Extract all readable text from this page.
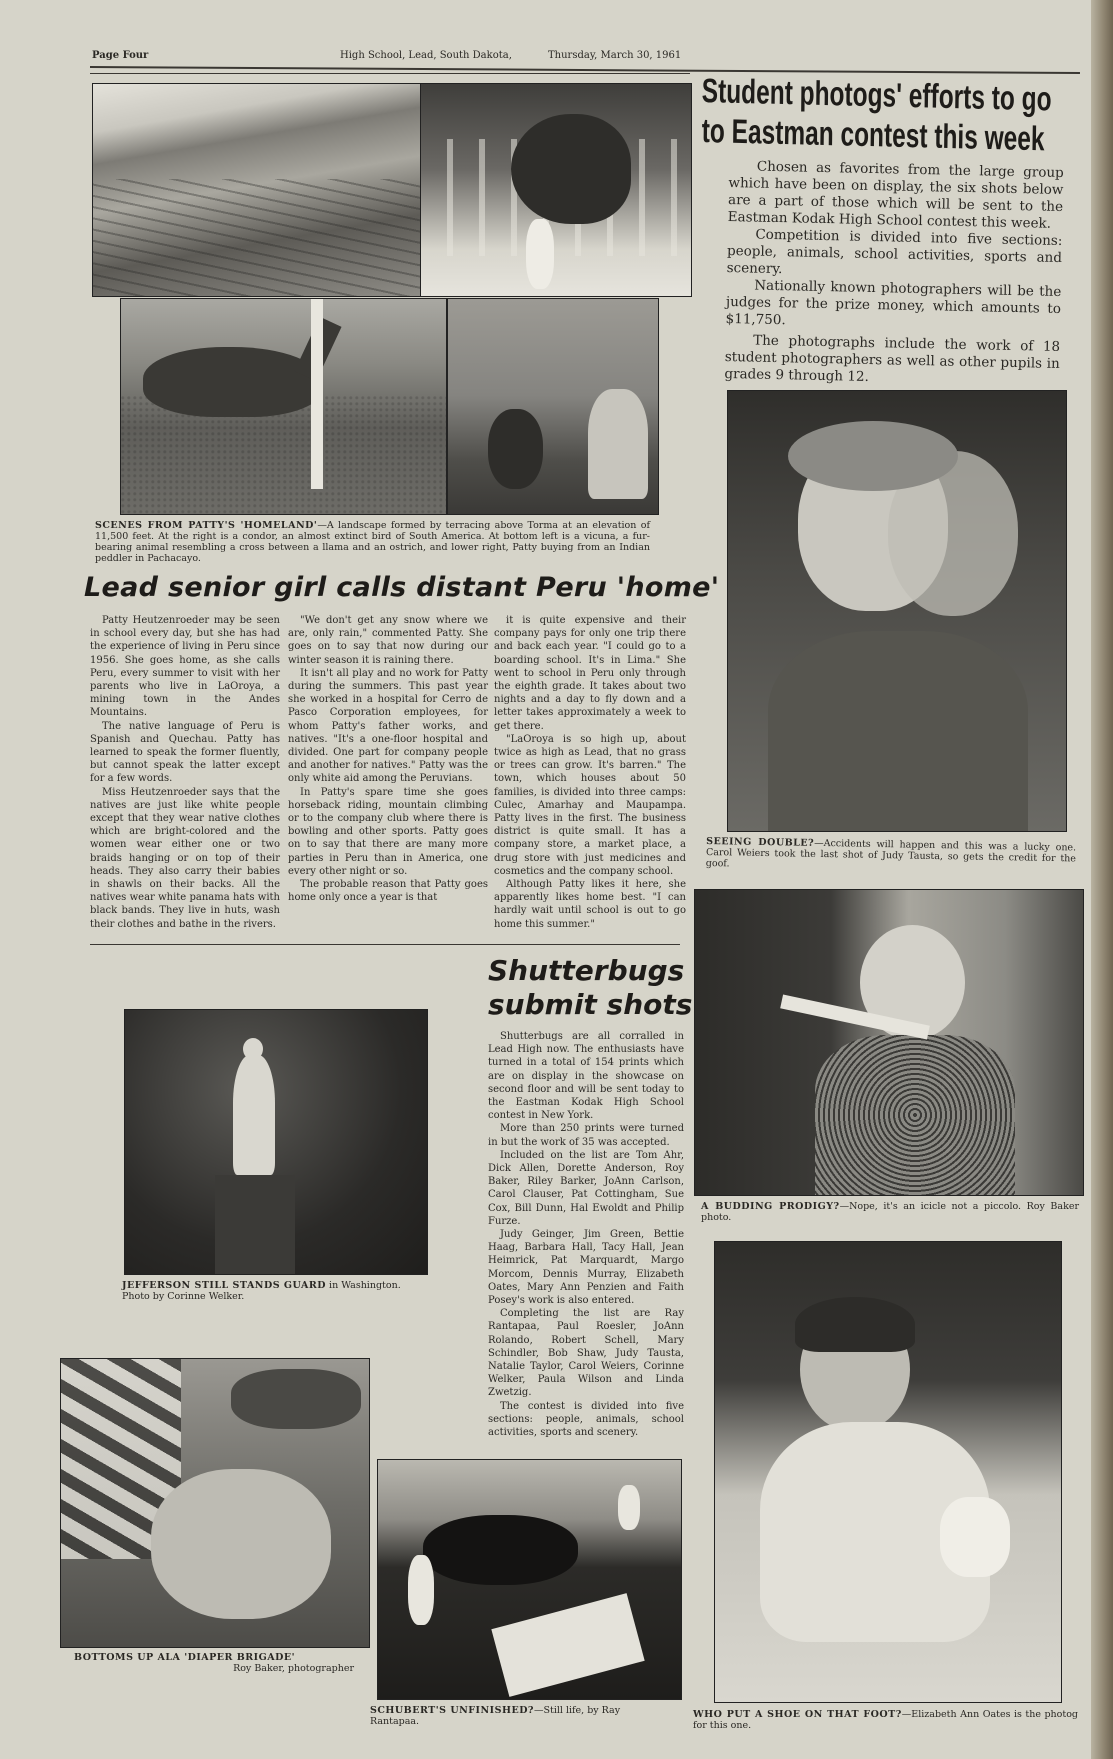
Page Four	High School, Lead, South Dakota,	Thursday, March 30, 1961
SCENES FROM PATTY'S 'HOMELAND'—A landscape formed by terracing above Torma at an elevation of 11,500 feet. At the right is a condor, an almost extinct bird of South America. At bottom left is a vicuna, a fur-bearing animal resembling a cross between a llama and an ostrich, and lower right, Patty buying from an Indian peddler in Pachacayo.
Lead senior girl calls distant Peru 'home'

Patty Heutzenroeder may be seen in school every day, but she has had the experience of living in Peru since 1956. She goes home, as she calls Peru, every summer to visit with her parents who live in LaOroya, a mining town in the Andes Mountains.

The native language of Peru is Spanish and Quechau. Patty has learned to speak the former fluently, but cannot speak the latter except for a few words.

Miss Heutzenroeder says that the natives are just like white people except that they wear native clothes which are bright-colored and the women wear either one or two braids hanging or on top of their heads. They also carry their babies in shawls on their backs. All the natives wear white panama hats with black bands. They live in huts, wash their clothes and bathe in the rivers.

"We don't get any snow where we are, only rain," commented Patty. She goes on to say that now during our winter season it is raining there.

It isn't all play and no work for Patty during the summers. This past year she worked in a hospital for Cerro de Pasco Corporation employees, for whom Patty's father works, and natives. "It's a one-floor hospital and divided. One part for company people and another for natives." Patty was the only white aid among the Peruvians.

In Patty's spare time she goes horseback riding, mountain climbing or to the company club where there is bowling and other sports. Patty goes on to say that there are many more parties in Peru than in America, one every other night or so.

The probable reason that Patty goes home only once a year is that

it is quite expensive and their company pays for only one trip there and back each year. "I could go to a boarding school. It's in Lima." She went to school in Peru only through the eighth grade. It takes about two nights and a day to fly down and a letter takes approximately a week to get there.

"LaOroya is so high up, about twice as high as Lead, that no grass or trees can grow. It's barren." The town, which houses about 50 families, is divided into three camps: Culec, Amarhay and Maupampa. Patty lives in the first. The business district is quite small. It has a company store, a market place, a drug store with just medicines and cosmetics and the company school.

Although Patty likes it here, she apparently likes home best. "I can hardly wait until school is out to go home this summer."

Student photogs' efforts to go
to Eastman contest this week

Chosen as favorites from the large group which have been on display, the six shots below are a part of those which will be sent to the Eastman Kodak High School contest this week.

Competition is divided into five sections: people, animals, school activities, sports and scenery.

Nationally known photographers will be the judges for the prize money, which amounts to $11,750.

The photographs include the work of 18 student photographers as well as other pupils in grades 9 through 12.

SEEING DOUBLE?—Accidents will happen and this was a lucky one. Carol Weiers took the last shot of Judy Tausta, so gets the credit for the goof.
A BUDDING PRODIGY?—Nope, it's an icicle not a piccolo. Roy Baker photo.
WHO PUT A SHOE ON THAT FOOT?—Elizabeth Ann Oates is the photog for this one.
Shutterbugs
submit shots

Shutterbugs are all corralled in Lead High now. The enthusiasts have turned in a total of 154 prints which are on display in the showcase on second floor and will be sent today to the Eastman Kodak High School contest in New York.

More than 250 prints were turned in but the work of 35 was accepted.

Included on the list are Tom Ahr, Dick Allen, Dorette Anderson, Roy Baker, Riley Barker, JoAnn Carlson, Carol Clauser, Pat Cottingham, Sue Cox, Bill Dunn, Hal Ewoldt and Philip Furze.

Judy Geinger, Jim Green, Bettie Haag, Barbara Hall, Tacy Hall, Jean Heimrick, Pat Marquardt, Margo Morcom, Dennis Murray, Elizabeth Oates, Mary Ann Penzien and Faith Posey's work is also entered.

Completing the list are Ray Rantapaa, Paul Roesler, JoAnn Rolando, Robert Schell, Mary Schindler, Bob Shaw, Judy Tausta, Natalie Taylor, Carol Weiers, Corinne Welker, Paula Wilson and Linda Zwetzig.

The contest is divided into five sections: people, animals, school activities, sports and scenery.

JEFFERSON STILL STANDS GUARD in Washington. Photo by Corinne Welker.
BOTTOMS UP ALA 'DIAPER BRIGADE'
Roy Baker, photographer
SCHUBERT'S UNFINISHED?—Still life, by Ray Rantapaa.
